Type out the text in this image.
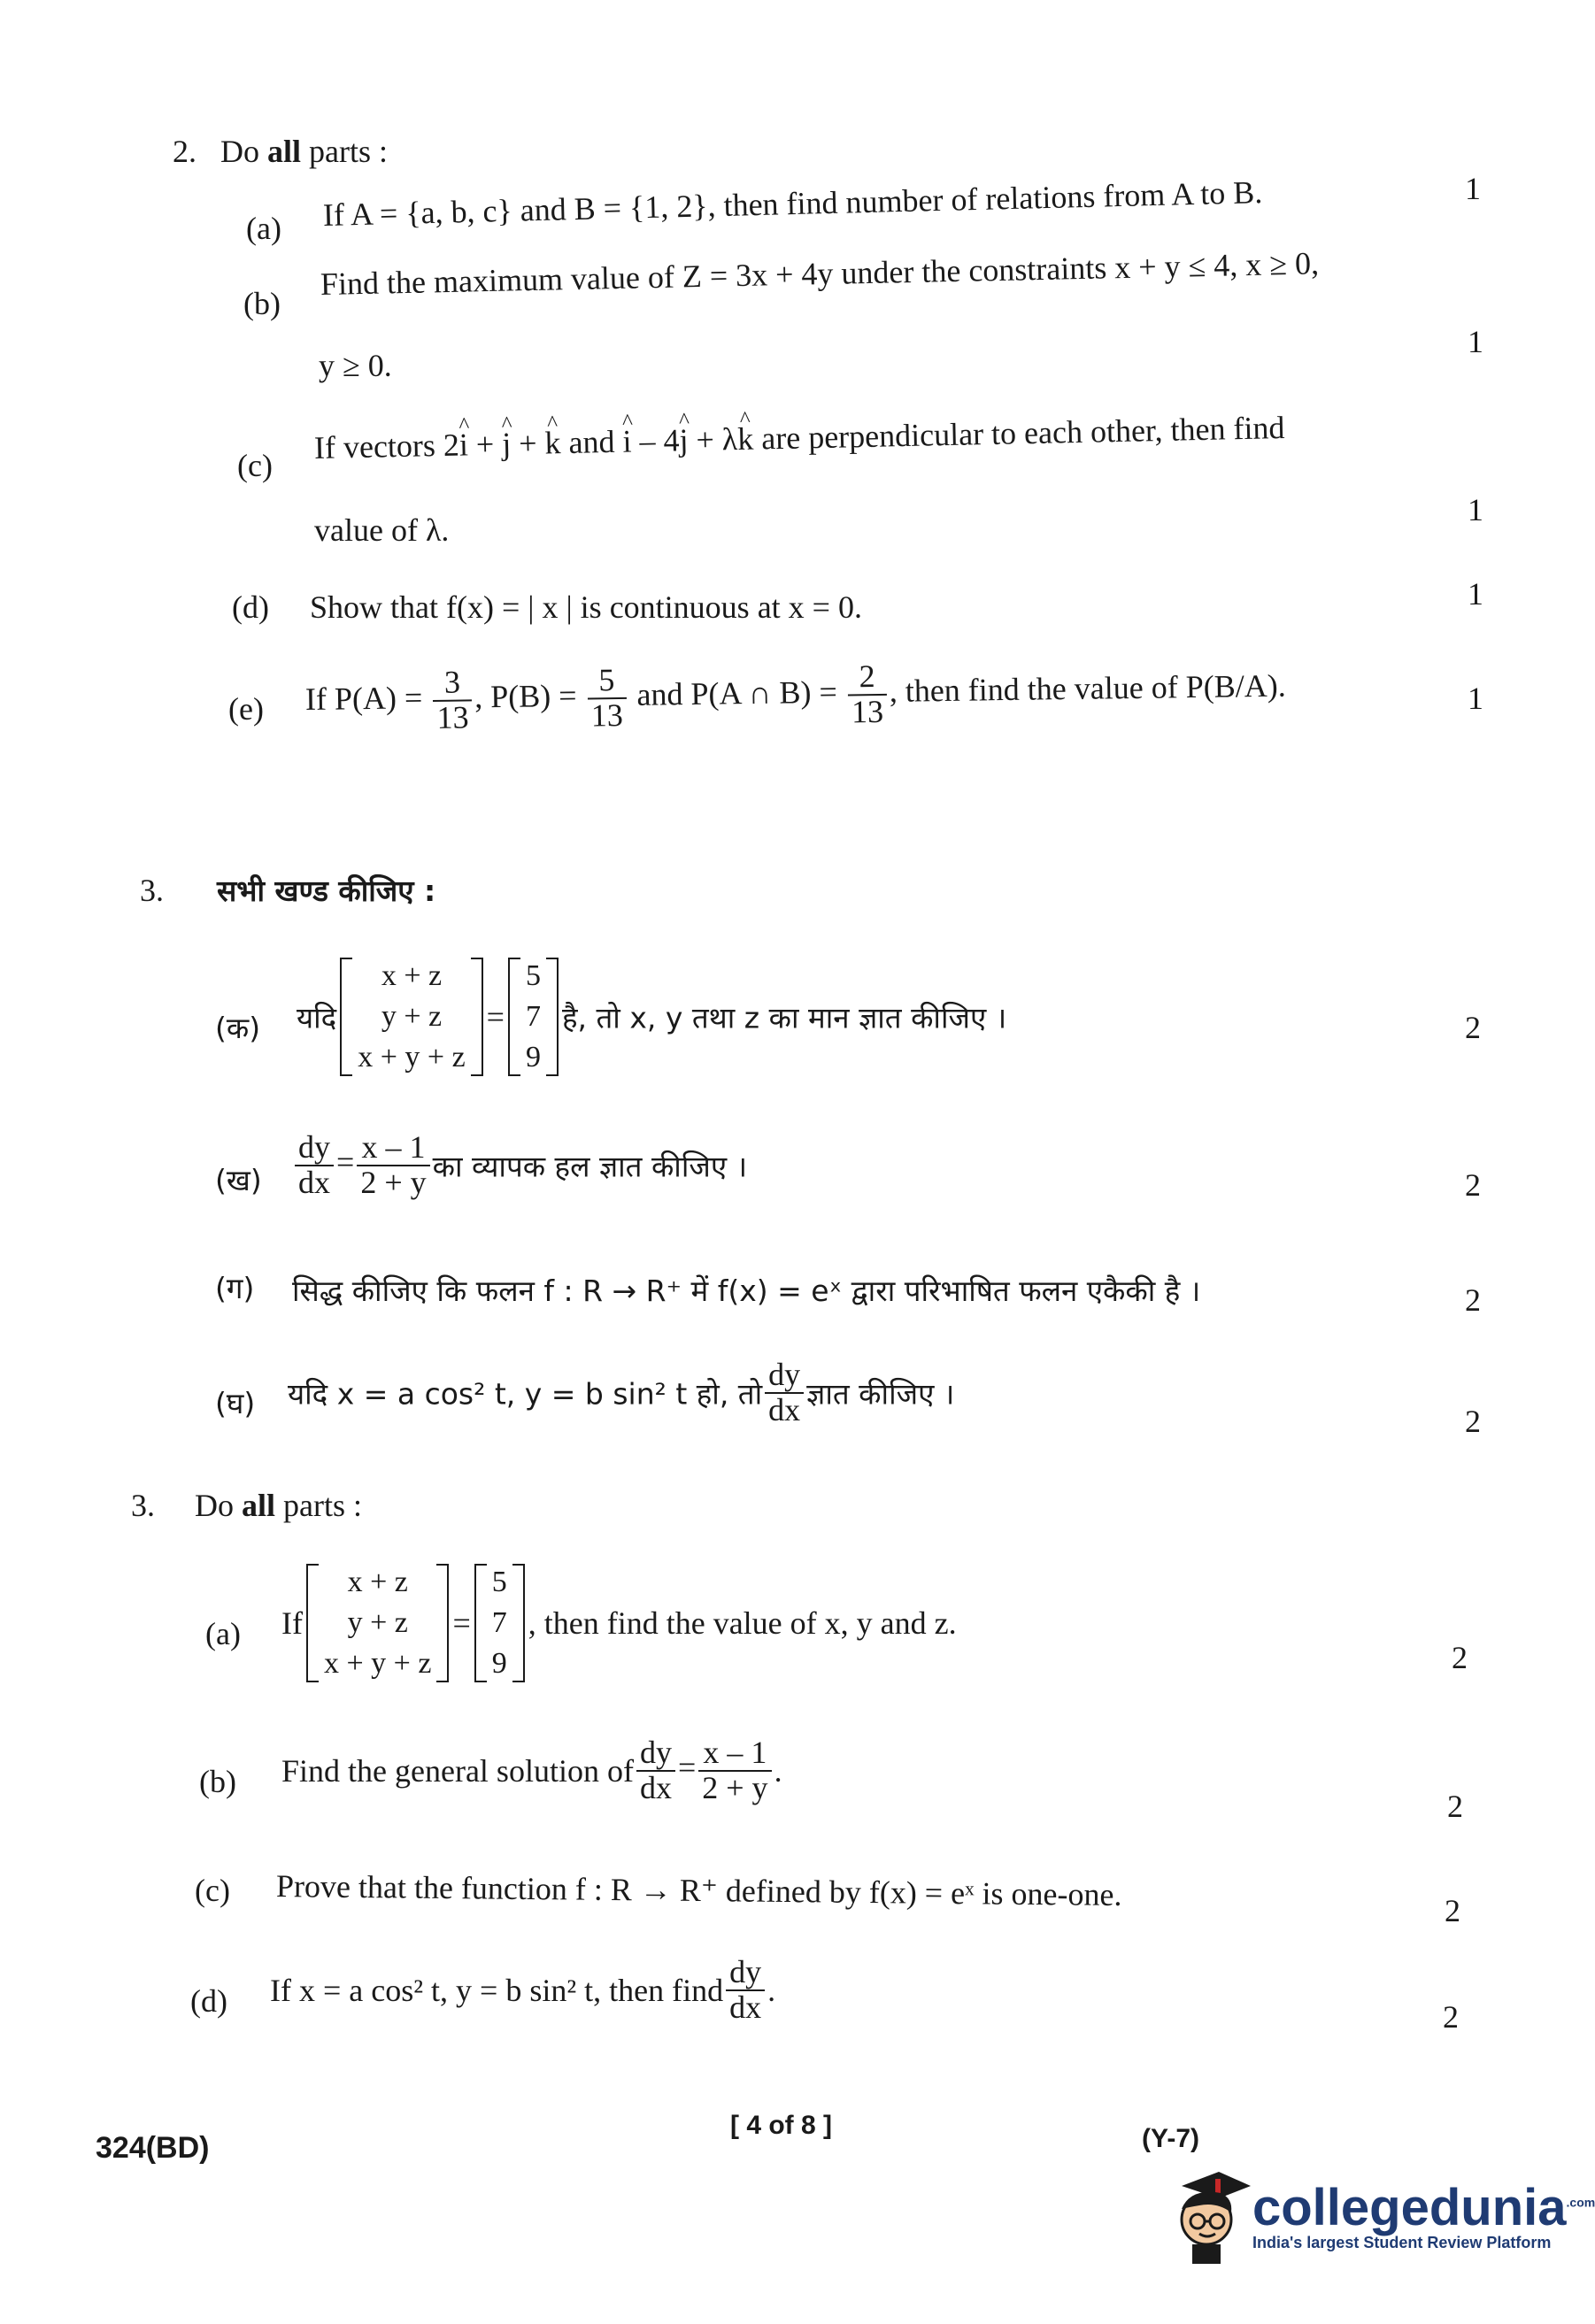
2. Do all parts :
(a) If A = {a, b, c} and B = {1, 2}, then find number of relations from A to B.	1
(b)
Find the maximum value of Z = 3x + 4y under the constraints x + y ≤ 4, x ≥ 0,
y ≥ 0.
1
(c)
If vectors 2^ i + ^ j + ^ k and ^ i – 4^ j + λ^ k are perpendicular to each other, then find
value of λ.
1
(d) Show that f(x) = | x | is continuous at x = 0.	1
(e) If $P(A) = \frac{3}{13}$ , $P(B) = \frac{5}{13}$ and P(A ∩ $B) = \frac{2}{13}$ , then find the value of P(B/A).	1
3. सभी खण्ड कीजिए :
(क) यदि
x + z
y + z
x + y + z
=
5
7
9
है, तो x, y तथा z का मान ज्ञात कीजिए ।	2
(ख) $\frac{dy}{dx} = \frac{x - 1}{2 + y}$ का व्यापक हल ज्ञात कीजिए ।
2
(ग) सिद्ध कीजिए कि फलन f : R → R⁺ में f(x) = eˣ द्वारा परिभाषित फलन एकैकी है ।	2
(घ) यदि x = a cos² t, y = b sin² t हो, तो $\frac{dy}{dx}$ ज्ञात कीजिए ।
2
3. Do all parts :
(a) If
x + z
y + z
x + y + z
=
5
7
9
, then find the value of x, y and z.
2
(b) Find the general solution of $\frac{dy}{dx} = \frac{x - 1}{2 + y}$ .
2
(c) Prove that the function f : R → R⁺ defined by f(x) = eˣ is one-one.	2
(d) If x = a cos² t, y = b sin² t, then find $\frac{dy}{dx}$ .
2
324(BD)
[ 4 of 8 ]	(Y-7)
collegedunia$^{.com}$
India's largest Student Review Platform
